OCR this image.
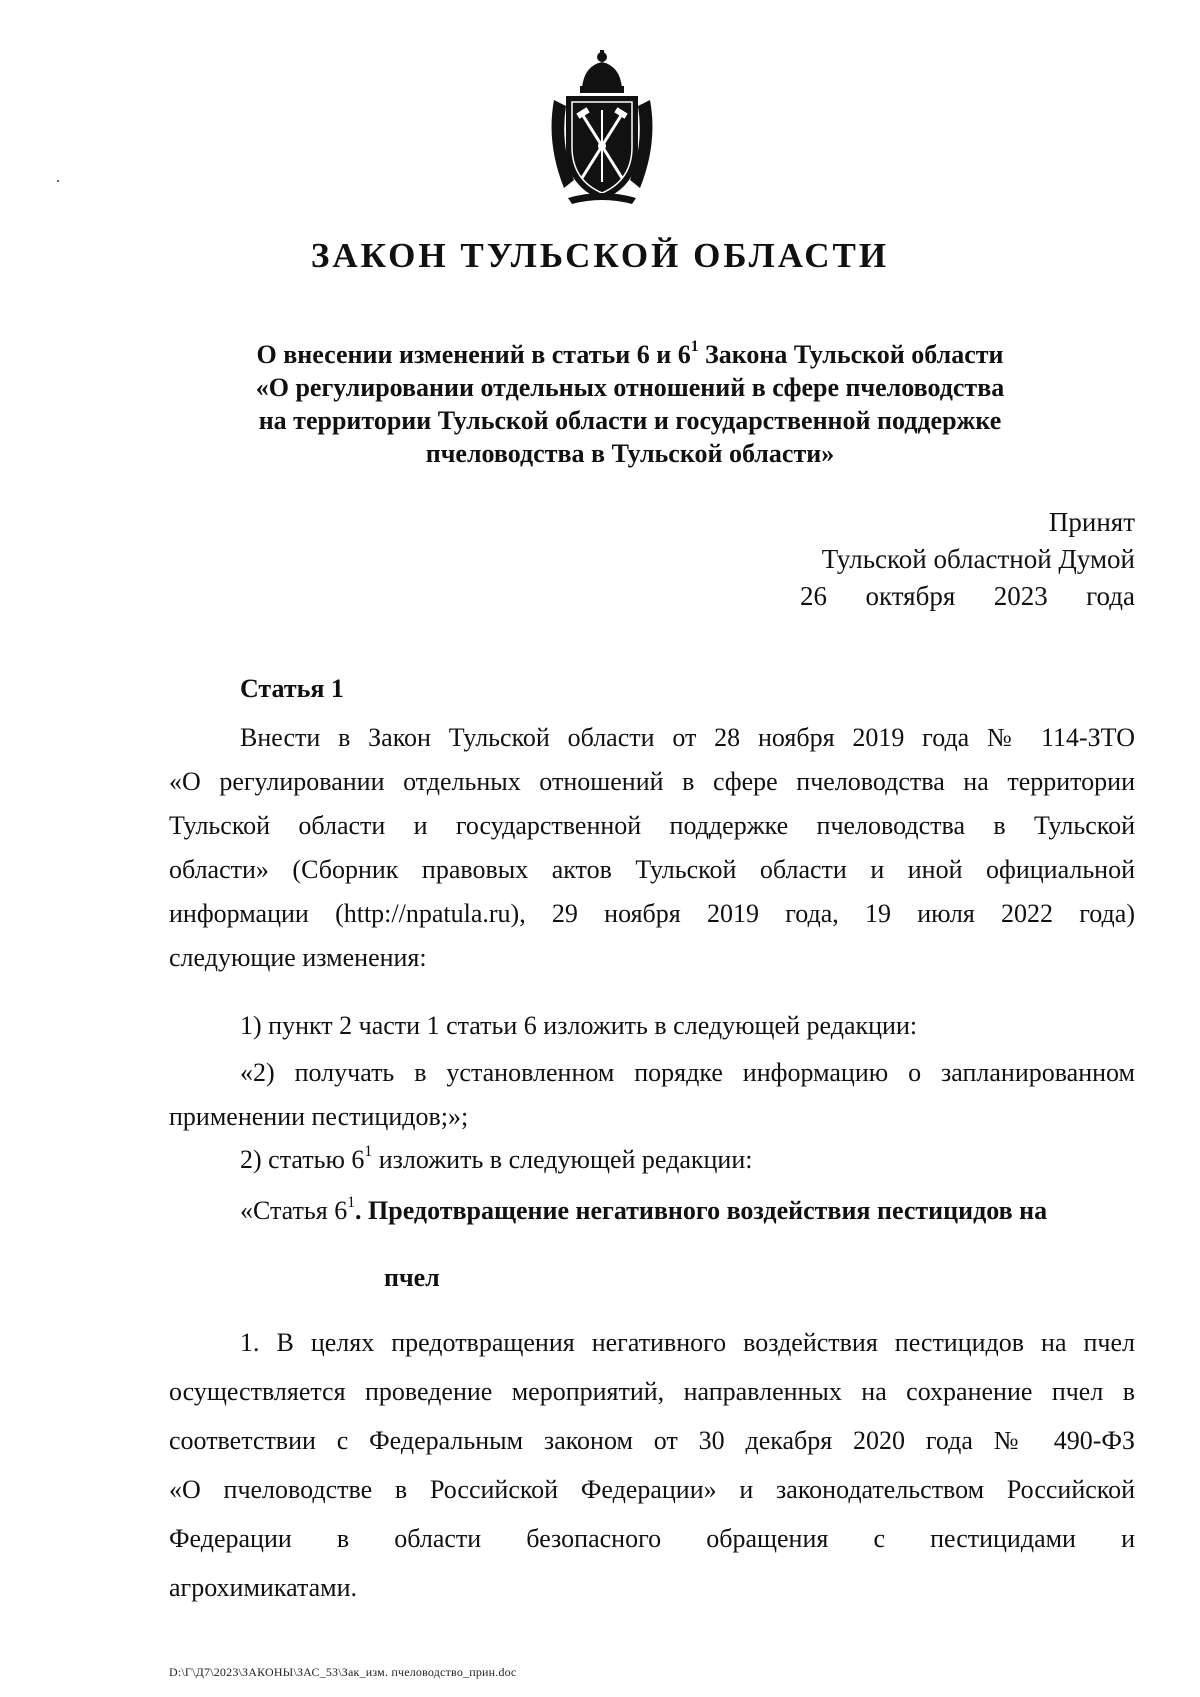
ЗАКОН ТУЛЬСКОЙ ОБЛАСТИ
О внесении изменений в статьи 6 и $6^1$ Закона Тульской области
«О регулировании отдельных отношений в сфере пчеловодства
на территории Тульской области и государственной поддержке
пчеловодства в Тульской области»
Принят
Тульской областной Думой
26 октября 2023 года
Статья 1
Внести в Закон Тульской области от 28 ноября 2019 года № 114-ЗТО
«О регулировании отдельных отношений в сфере пчеловодства на территории
Тульской области и государственной поддержке пчеловодства в Тульской
области» (Сборник правовых актов Тульской области и иной официальной
информации (http://npatula.ru), 29 ноября 2019 года, 19 июля 2022 года)
следующие изменения:
1) пункт 2 части 1 статьи 6 изложить в следующей редакции:
«2) получать в установленном порядке информацию о запланированном
применении пестицидов;»;
2) статью $6^1$ изложить в следующей редакции:
«Статья $6^1$. Предотвращение негативного воздействия пестицидов на
пчел
1. В целях предотвращения негативного воздействия пестицидов на пчел
осуществляется проведение мероприятий, направленных на сохранение пчел в
соответствии с Федеральным законом от 30 декабря 2020 года № 490-ФЗ
«О пчеловодстве в Российской Федерации» и законодательством Российской
Федерации в области безопасного обращения с пестицидами и
агрохимикатами.
D:\Г\Д7\2023\ЗАКОНЫ\ЗАС_53\Зак_изм. пчеловодство_прин.doc
